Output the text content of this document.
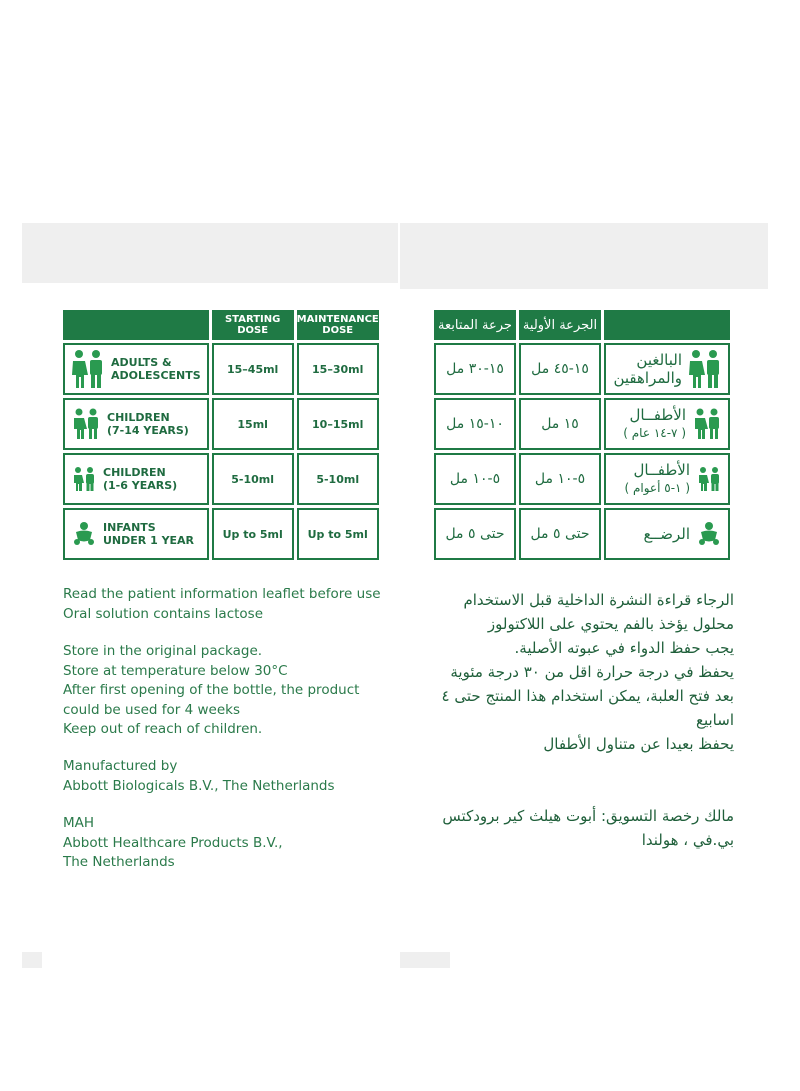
	STARTING DOSE	MAINTENANCE DOSE

ADULTS &
ADOLESCENTS	15–45ml	15–30ml

CHILDREN
(7-14 YEARS)	15ml	10–15ml

CHILDREN
(1-6 YEARS)	5-10ml	5-10ml

INFANTS
UNDER 1 YEAR	Up to 5ml	Up to 5ml
	الجرعة الأولية	جرعة المتابعة

البالغين
والمراهقين	١٥-٤٥ مل	١٥-٣٠ مل

الأطفــال
( ٧-١٤ عام )	١٥ مل	١٠-١٥ مل

الأطفــال
( ١-٥ أعوام )	٥-١٠ مل	٥-١٠ مل

الرضــع	حتى ٥ مل	حتى ٥ مل
Read the patient information leaflet before use
Oral solution contains lactose
Store in the original package.
Store at temperature below 30°C
After first opening of the bottle, the product
could be used for 4 weeks
Keep out of reach of children.
Manufactured by
Abbott Biologicals B.V., The Netherlands
MAH
Abbott Healthcare Products B.V.,
The Netherlands
الرجاء قراءة النشرة الداخلية قبل الاستخدام
محلول يؤخذ بالفم يحتوي على اللاكتولوز
يجب حفظ الدواء في عبوته الأصلية.
يحفظ في درجة حرارة اقل من ٣٠ درجة مئوية
بعد فتح العلبة، يمكن استخدام هذا المنتج حتى ٤
اسابيع
يحفظ بعيدا عن متناول الأطفال
مالك رخصة التسويق: أبوت هيلث كير برودكتس
بي.في ، هولندا
